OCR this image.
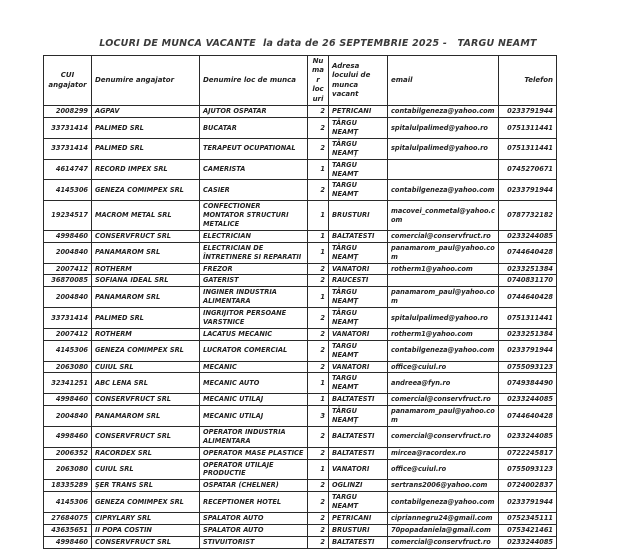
LOCURI DE MUNCA VACANTE  la data de 26 SEPTEMBRIE 2025 -   TARGU NEAMT
CUI angajator	Denumire angajator	Denumire loc de munca	Numar locuri	Adresa locului de munca vacant	email	Telefon
2008299	AGPAV	AJUTOR OSPATAR	2	PETRICANI	contabilgeneza@yahoo.com	0233791944
33731414	PALIMED SRL	BUCATAR	2	TÂRGU NEAMŢ	spitalulpalimed@yahoo.ro	0751311441
33731414	PALIMED SRL	TERAPEUT OCUPATIONAL	2	TÂRGU NEAMŢ	spitalulpalimed@yahoo.ro	0751311441
4614747	RECORD IMPEX SRL	CAMERISTA	1	TARGU NEAMT		0745270671
4145306	GENEZA COMIMPEX SRL	CASIER	2	TARGU NEAMT	contabilgeneza@yahoo.com	0233791944
19234517	MACROM METAL SRL	CONFECTIONER MONTATOR STRUCTURI METALICE	1	BRUSTURI	macovei_conmetal@yahoo.com	0787732182
4998460	CONSERVFRUCT SRL	ELECTRICIAN	1	BALTATESTI	comercial@conservfruct.ro	0233244085
2004840	PANAMAROM SRL	ELECTRICIAN DE ÎNTRETINERE SI REPARATII	1	TÂRGU NEAMŢ	panamarom_paul@yahoo.com	0744640428
2007412	ROTHERM	FREZOR	2	VANATORI	rotherm1@yahoo.com	0233251384
36870085	SOFIANA IDEAL SRL	GATERIST	2	RAUCESTI		0740831170
2004840	PANAMAROM SRL	INGINER INDUSTRIA ALIMENTARA	1	TÂRGU NEAMŢ	panamarom_paul@yahoo.com	0744640428
33731414	PALIMED SRL	INGRIJITOR PERSOANE VARSTNICE	2	TÂRGU NEAMŢ	spitalulpalimed@yahoo.ro	0751311441
2007412	ROTHERM	LACATUS MECANIC	2	VANATORI	rotherm1@yahoo.com	0233251384
4145306	GENEZA COMIMPEX SRL	LUCRATOR COMERCIAL	2	TARGU NEAMT	contabilgeneza@yahoo.com	0233791944
2063080	CUIUL SRL	MECANIC	2	VANATORI	office@cuiul.ro	0755093123
32341251	ABC LENA SRL	MECANIC AUTO	1	TARGU NEAMT	andreea@fyn.ro	0749384490
4998460	CONSERVFRUCT SRL	MECANIC UTILAJ	1	BALTATESTI	comercial@conservfruct.ro	0233244085
2004840	PANAMAROM SRL	MECANIC UTILAJ	3	TÂRGU NEAMŢ	panamarom_paul@yahoo.com	0744640428
4998460	CONSERVFRUCT SRL	OPERATOR INDUSTRIA ALIMENTARA	2	BALTATESTI	comercial@conservfruct.ro	0233244085
2006352	RACORDEX SRL	OPERATOR MASE PLASTICE	2	BALTATESTI	mircea@racordex.ro	0722245817
2063080	CUIUL SRL	OPERATOR UTILAJE PRODUCTIE	1	VANATORI	office@cuiul.ro	0755093123
18335289	ŞER TRANS SRL	OSPATAR (CHELNER)	2	OGLINZI	sertrans2006@yahoo.com	0724002837
4145306	GENEZA COMIMPEX SRL	RECEPTIONER HOTEL	2	TARGU NEAMT	contabilgeneza@yahoo.com	0233791944
27684075	CIPRYLARY SRL	SPALATOR AUTO	2	PETRICANI	cipriannegru24@gmail.com	0752345111
43635651	II POPA COSTIN	SPALATOR AUTO	2	BRUSTURI	70popadaniela@gmail.com	0753421461
4998460	CONSERVFRUCT SRL	STIVUITORIST	2	BALTATESTI	comercial@conservfruct.ro	0233244085
